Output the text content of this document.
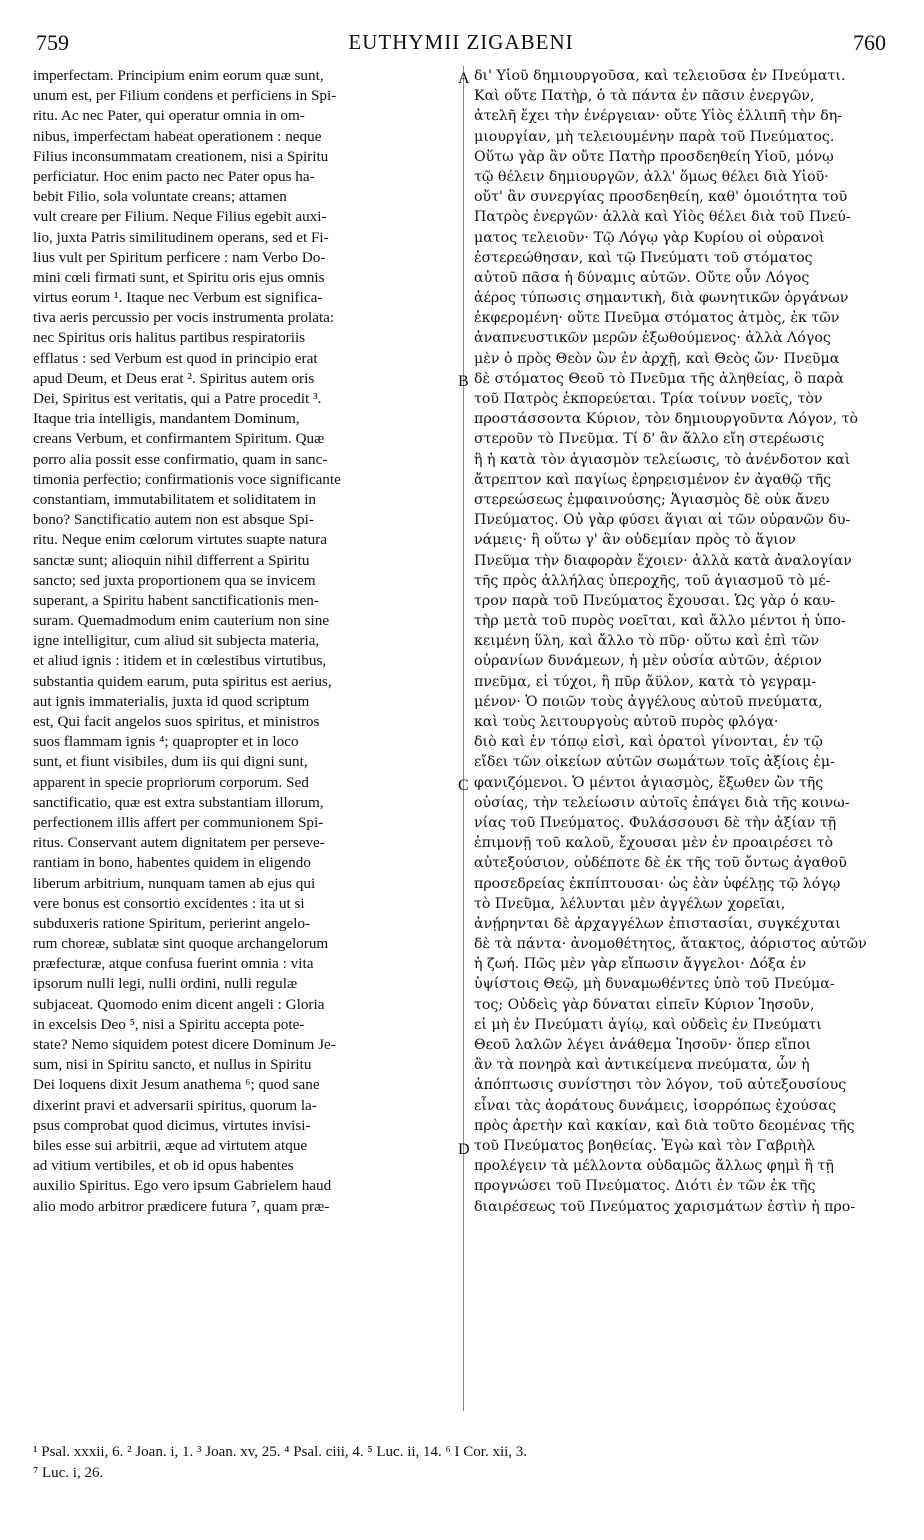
759	EUTHYMII ZIGABENI	760
imperfectam. Principium enim eorum quæ sunt,
unum est, per Filium condens et perficiens in Spi-
ritu. Ac nec Pater, qui operatur omnia in om-
nibus, imperfectam habeat operationem : neque
Filius inconsummatam creationem, nisi a Spiritu
perficiatur. Hoc enim pacto nec Pater opus ha-
bebit Filio, sola voluntate creans; attamen
vult creare per Filium. Neque Filius egebit auxi-
lio, juxta Patris similitudinem operans, sed et Fi-
lius vult per Spiritum perficere : nam Verbo Do-
mini cœli firmati sunt, et Spiritu oris ejus omnis
virtus eorum ¹. Itaque nec Verbum est significa-
tiva aeris percussio per vocis instrumenta prolata:
nec Spiritus oris halitus partibus respiratoriis
efflatus : sed Verbum est quod in principio erat
apud Deum, et Deus erat ². Spiritus autem oris
Dei, Spiritus est veritatis, qui a Patre procedit ³.
Itaque tria intelligis, mandantem Dominum,
creans Verbum, et confirmantem Spiritum. Quæ
porro alia possit esse confirmatio, quam in sanc-
timonia perfectio; confirmationis voce significante
constantiam, immutabilitatem et soliditatem in
bono? Sanctificatio autem non est absque Spi-
ritu. Neque enim cœlorum virtutes suapte natura
sanctæ sunt; alioquin nihil differrent a Spiritu
sancto; sed juxta proportionem qua se invicem
superant, a Spiritu habent sanctificationis men-
suram. Quemadmodum enim cauterium non sine
igne intelligitur, cum aliud sit subjecta materia,
et aliud ignis : itidem et in cœlestibus virtutibus,
substantia quidem earum, puta spiritus est aerius,
aut ignis immaterialis, juxta id quod scriptum
est, Qui facit angelos suos spiritus, et ministros
suos flammam ignis ⁴; quapropter et in loco
sunt, et fiunt visibiles, dum iis qui digni sunt,
apparent in specie propriorum corporum. Sed
sanctificatio, quæ est extra substantiam illorum,
perfectionem illis affert per communionem Spi-
ritus. Conservant autem dignitatem per perseve-
rantiam in bono, habentes quidem in eligendo
liberum arbitrium, nunquam tamen ab ejus qui
vere bonus est consortio excidentes : ita ut si
subduxeris ratione Spiritum, perierint angelo-
rum choreæ, sublatæ sint quoque archangelorum
præfecturæ, atque confusa fuerint omnia : vita
ipsorum nulli legi, nulli ordini, nulli regulæ
subjaceat. Quomodo enim dicent angeli : Gloria
in excelsis Deo ⁵, nisi a Spiritu accepta pote-
state? Nemo siquidem potest dicere Dominum Je-
sum, nisi in Spiritu sancto, et nullus in Spiritu
Dei loquens dixit Jesum anathema ⁶; quod sane
dixerint pravi et adversarii spiritus, quorum la-
psus comprobat quod dicimus, virtutes invisi-
biles esse sui arbitrii, æque ad virtutem atque
ad vitium vertibiles, et ob id opus habentes
auxilio Spiritus. Ego vero ipsum Gabrielem haud
alio modo arbitror prædicere futura ⁷, quam præ-
δι' Υἱοῦ δημιουργοῦσα, καὶ τελειοῦσα ἐν Πνεύματι.
Καὶ οὔτε Πατὴρ, ὁ τὰ πάντα ἐν πᾶσιν ἐνεργῶν,
ἀτελῆ ἔχει τὴν ἐνέργειαν· οὔτε Υἱὸς ἐλλιπῆ τὴν δη-
μιουργίαν, μὴ τελειουμένην παρὰ τοῦ Πνεύματος.
Οὕτω γὰρ ἂν οὔτε Πατὴρ προσδεηθείη Υἱοῦ, μόνῳ
τῷ θέλειν δημιουργῶν, ἀλλ' ὅμως θέλει διὰ Υἱοῦ·
οὔτ' ἂν συνεργίας προσδεηθείη, καθ' ὁμοιότητα τοῦ
Πατρὸς ἐνεργῶν· ἀλλὰ καὶ Υἱὸς θέλει διὰ τοῦ Πνεύ-
ματος τελειοῦν· Τῷ Λόγῳ γὰρ Κυρίου οἱ οὐρανοὶ
ἐστερεώθησαν, καὶ τῷ Πνεύματι τοῦ στόματος
αὐτοῦ πᾶσα ἡ δύναμις αὐτῶν. Οὔτε οὖν Λόγος
ἀέρος τύπωσις σημαντικὴ, διὰ φωνητικῶν ὀργάνων
ἐκφερομένη· οὔτε Πνεῦμα στόματος ἀτμὸς, ἐκ τῶν
ἀναπνευστικῶν μερῶν ἐξωθούμενος· ἀλλὰ Λόγος
μὲν ὁ πρὸς Θεὸν ὢν ἐν ἀρχῇ, καὶ Θεὸς ὤν· Πνεῦμα
δὲ στόματος Θεοῦ τὸ Πνεῦμα τῆς ἀληθείας, ὃ παρὰ
τοῦ Πατρὸς ἐκπορεύεται. Τρία τοίνυν νοεῖς, τὸν
προστάσσοντα Κύριον, τὸν δημιουργοῦντα Λόγον, τὸ
στεροῦν τὸ Πνεῦμα. Τί δ' ἂν ἄλλο εἴη στερέωσις
ἢ ἡ κατὰ τὸν ἁγιασμὸν τελείωσις, τὸ ἀνένδοτον καὶ
ἄτρεπτον καὶ παγίως ἐρηρεισμένον ἐν ἀγαθῷ τῆς
στερεώσεως ἐμφαινούσης; Ἁγιασμὸς δὲ οὐκ ἄνευ
Πνεύματος. Οὐ γὰρ φύσει ἅγιαι αἱ τῶν οὐρανῶν δυ-
νάμεις· ἢ οὕτω γ' ἂν οὐδεμίαν πρὸς τὸ ἅγιον
Πνεῦμα τὴν διαφορὰν ἔχοιεν· ἀλλὰ κατὰ ἀναλογίαν
τῆς πρὸς ἀλλήλας ὑπεροχῆς, τοῦ ἁγιασμοῦ τὸ μέ-
τρον παρὰ τοῦ Πνεύματος ἔχουσαι. Ὡς γὰρ ὁ καυ-
τὴρ μετὰ τοῦ πυρὸς νοεῖται, καὶ ἄλλο μέντοι ἡ ὑπο-
κειμένη ὕλη, καὶ ἄλλο τὸ πῦρ· οὕτω καὶ ἐπὶ τῶν
οὐρανίων δυνάμεων, ἡ μὲν οὐσία αὐτῶν, ἀέριον
πνεῦμα, εἰ τύχοι, ἢ πῦρ ἄϋλον, κατὰ τὸ γεγραμ-
μένον· Ὁ ποιῶν τοὺς ἀγγέλους αὐτοῦ πνεύματα,
καὶ τοὺς λειτουργοὺς αὐτοῦ πυρὸς φλόγα·
διὸ καὶ ἐν τόπῳ εἰσὶ, καὶ ὁρατοὶ γίνονται, ἐν τῷ
εἴδει τῶν οἰκείων αὐτῶν σωμάτων τοῖς ἀξίοις ἐμ-
φανιζόμενοι. Ὁ μέντοι ἁγιασμὸς, ἔξωθεν ὢν τῆς
οὐσίας, τὴν τελείωσιν αὐτοῖς ἐπάγει διὰ τῆς κοινω-
νίας τοῦ Πνεύματος. Φυλάσσουσι δὲ τὴν ἀξίαν τῇ
ἐπιμονῇ τοῦ καλοῦ, ἔχουσαι μὲν ἐν προαιρέσει τὸ
αὐτεξούσιον, οὐδέποτε δὲ ἐκ τῆς τοῦ ὄντως ἀγαθοῦ
προσεδρείας ἐκπίπτουσαι· ὡς ἐὰν ὑφέλῃς τῷ λόγῳ
τὸ Πνεῦμα, λέλυνται μὲν ἀγγέλων χορεῖαι,
ἀνῄρηνται δὲ ἀρχαγγέλων ἐπιστασίαι, συγκέχυται
δὲ τὰ πάντα· ἀνομοθέτητος, ἄτακτος, ἀόριστος αὐτῶν
ἡ ζωή. Πῶς μὲν γὰρ εἴπωσιν ἄγγελοι· Δόξα ἐν
ὑψίστοις Θεῷ, μὴ δυναμωθέντες ὑπὸ τοῦ Πνεύμα-
τος; Οὐδεὶς γὰρ δύναται εἰπεῖν Κύριον Ἰησοῦν,
εἰ μὴ ἐν Πνεύματι ἁγίῳ, καὶ οὐδεὶς ἐν Πνεύματι
Θεοῦ λαλῶν λέγει ἀνάθεμα Ἰησοῦν· ὅπερ εἴποι
ἂν τὰ πονηρὰ καὶ ἀντικείμενα πνεύματα, ὧν ἡ
ἀπόπτωσις συνίστησι τὸν λόγον, τοῦ αὐτεξουσίους
εἶναι τὰς ἀοράτους δυνάμεις, ἰσορρόπως ἐχούσας
πρὸς ἀρετὴν καὶ κακίαν, καὶ διὰ τοῦτο δεομένας τῆς
τοῦ Πνεύματος βοηθείας. Ἐγὼ καὶ τὸν Γαβριὴλ
προλέγειν τὰ μέλλοντα οὐδαμῶς ἄλλως φημὶ ἢ τῇ
προγνώσει τοῦ Πνεύματος. Διότι ἐν τῶν ἐκ τῆς
διαιρέσεως τοῦ Πνεύματος χαρισμάτων ἐστὶν ἡ προ-
A
B
C
D
¹ Psal. xxxii, 6. ² Joan. i, 1. ³ Joan. xv, 25. ⁴ Psal. ciii, 4. ⁵ Luc. ii, 14. ⁶ I Cor. xii, 3.
⁷ Luc. i, 26.
